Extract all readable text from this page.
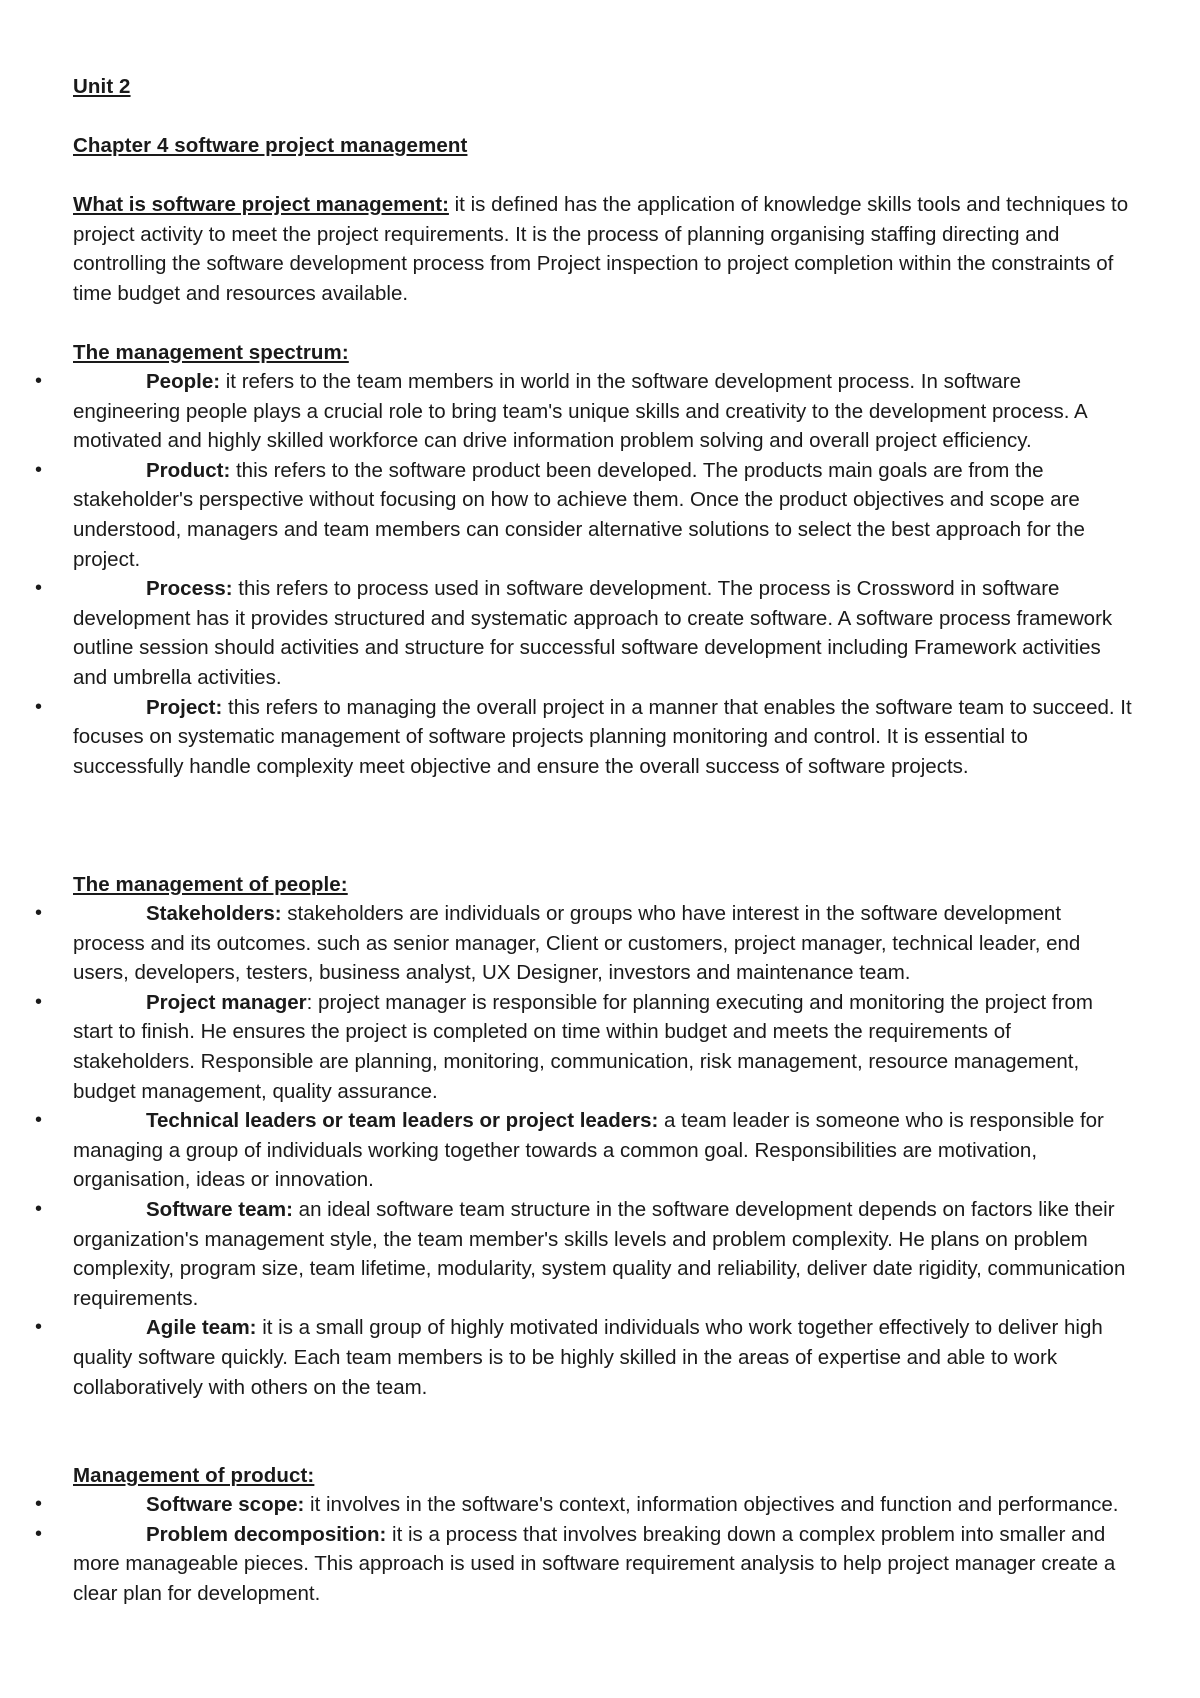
Unit 2
Chapter 4 software project management

What is software project management: it is defined has the application of knowledge skills tools and techniques to project activity to meet the project requirements. It is the process of planning organising staffing directing and controlling the software development process from Project inspection to project completion within the constraints of time budget and resources available.

The management spectrum:
•	People: it refers to the team members in world in the software development process. In software engineering people plays a crucial role to bring team's unique skills and creativity to the development process. A motivated and highly skilled workforce can drive information problem solving and overall project efficiency.
•	Product: this refers to the software product been developed. The products main goals are from the stakeholder's perspective without focusing on how to achieve them. Once the product objectives and scope are understood, managers and team members can consider alternative solutions to select the best approach for the project.
•	Process: this refers to process used in software development. The process is Crossword in software development has it provides structured and systematic approach to create software. A software process framework outline session should activities and structure for successful software development including Framework activities and umbrella activities.
•	Project: this refers to managing the overall project in a manner that enables the software team to succeed. It focuses on systematic management of software projects planning monitoring and control. It is essential to successfully handle complexity meet objective and ensure the overall success of software projects.
The management of people:
•	Stakeholders: stakeholders are individuals or groups who have interest in the software development process and its outcomes. such as senior manager, Client or customers, project manager, technical leader, end users, developers, testers, business analyst, UX Designer, investors and maintenance team.
•	Project manager: project manager is responsible for planning executing and monitoring the project from start to finish. He ensures the project is completed on time within budget and meets the requirements of stakeholders. Responsible are planning, monitoring, communication, risk management, resource management, budget management, quality assurance.
•	Technical leaders or team leaders or project leaders: a team leader is someone who is responsible for managing a group of individuals working together towards a common goal. Responsibilities are motivation, organisation, ideas or innovation.
•	Software team: an ideal software team structure in the software development depends on factors like their organization's management style, the team member's skills levels and problem complexity. He plans on problem complexity, program size, team lifetime, modularity, system quality and reliability, deliver date rigidity, communication requirements.
•	Agile team: it is a small group of highly motivated individuals who work together effectively to deliver high quality software quickly. Each team members is to be highly skilled in the areas of expertise and able to work collaboratively with others on the team.
Management of product:
•	Software scope: it involves in the software's context, information objectives and function and performance.
•	Problem decomposition: it is a process that involves breaking down a complex problem into smaller and more manageable pieces. This approach is used in software requirement analysis to help project manager create a clear plan for development.
